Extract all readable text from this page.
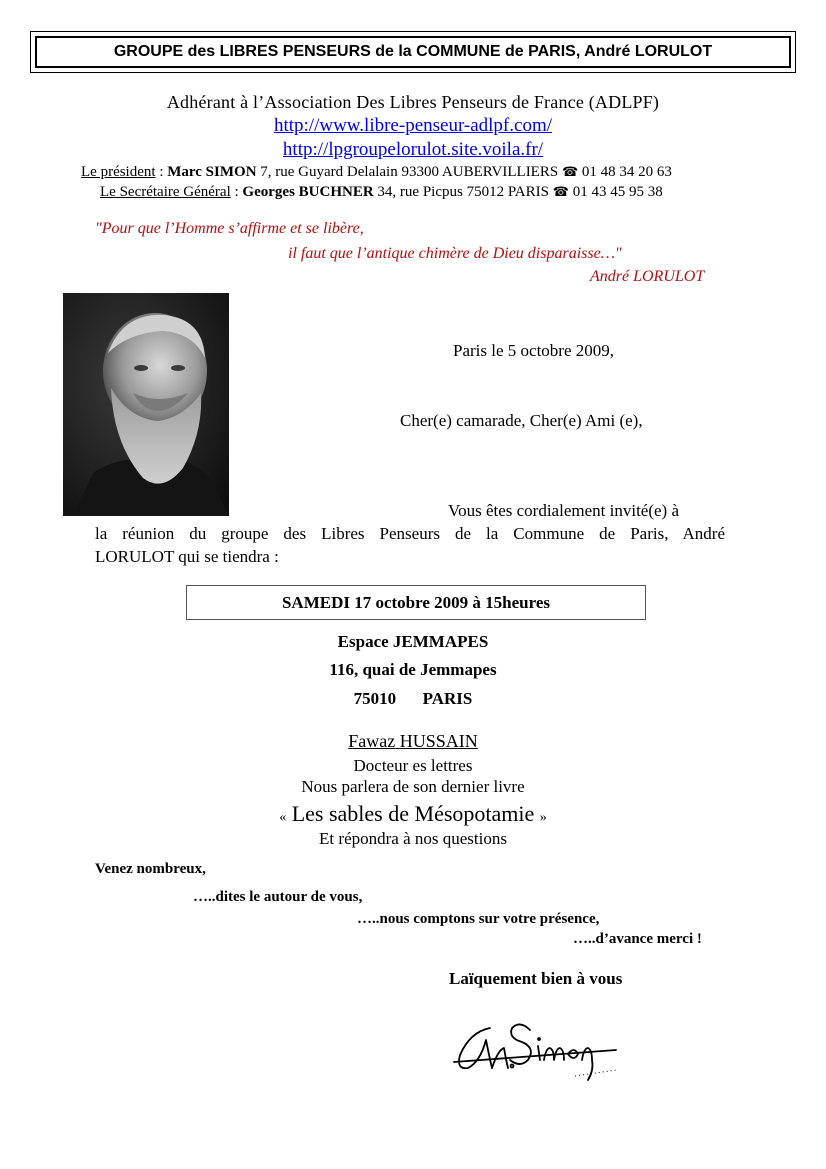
GROUPE des LIBRES PENSEURS de la COMMUNE de PARIS, André LORULOT
Adhérant à l’Association Des Libres Penseurs de France (ADLPF)
http://www.libre-penseur-adlpf.com/
http://lpgroupelorulot.site.voila.fr/
Le président : Marc SIMON 7, rue Guyard Delalain 93300 AUBERVILLIERS ☎ 01 48 34 20 63
Le Secrétaire Général : Georges BUCHNER 34, rue Picpus 75012 PARIS ☎ 01 43 45 95 38
"Pour que l’Homme s’affirme et se libère,
il faut que l’antique chimère de Dieu disparaisse…"
André LORULOT
Paris le 5 octobre 2009,
Cher(e) camarade, Cher(e) Ami (e),
Vous êtes cordialement invité(e) à
la réunion du groupe des Libres Penseurs de la Commune de Paris, André
LORULOT qui se tiendra :
SAMEDI 17 octobre 2009 à 15heures
Espace JEMMAPES
116, quai de Jemmapes
75010 PARIS
Fawaz HUSSAIN
Docteur es lettres
Nous parlera de son dernier livre
« Les sables de Mésopotamie »
Et répondra à nos questions
Venez nombreux,
…..dites le autour de vous,
…..nous comptons sur votre présence,
…..d’avance merci !
Laïquement bien à vous
